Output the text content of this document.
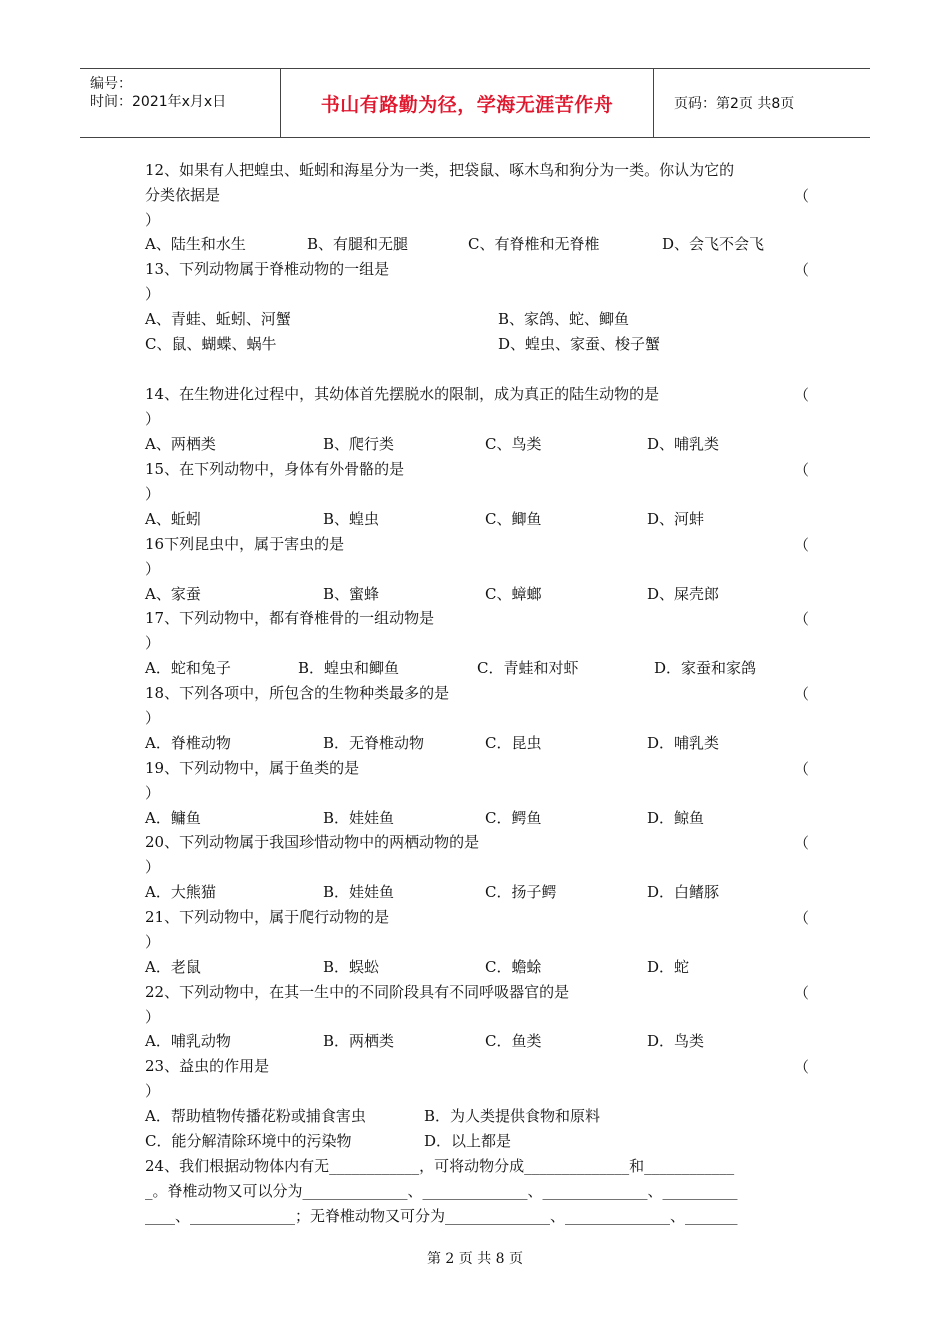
编号：
时间：2021年x月x日	书山有路勤为径，学海无涯苦作舟	页码：第2页 共8页
12、如果有人把蝗虫、蚯蚓和海星分为一类，把袋鼠、啄木鸟和狗分为一类。你认为它的
分类依据是	（
）
A、陆生和水生	B、有腿和无腿	C、有脊椎和无脊椎	D、会飞不会飞
13、下列动物属于脊椎动物的一组是	（
）
A、青蛙、蚯蚓、河蟹	B、家鸽、蛇、鲫鱼
C、鼠、蝴蝶、蜗牛	D、蝗虫、家蚕、梭子蟹
14、在生物进化过程中，其幼体首先摆脱水的限制，成为真正的陆生动物的是	（
）
A、两栖类	B、爬行类	C、鸟类	D、哺乳类
15、在下列动物中，身体有外骨骼的是	（
）
A、蚯蚓	B、蝗虫	C、鲫鱼	D、河蚌
16下列昆虫中，属于害虫的是	（
）
A、家蚕	B、蜜蜂	C、蟑螂	D、屎壳郎
17、下列动物中，都有脊椎骨的一组动物是	（
）
A．蛇和兔子	B．蝗虫和鲫鱼	C．青蛙和对虾	D．家蚕和家鸽
18、下列各项中，所包含的生物种类最多的是	（
）
A．脊椎动物	B．无脊椎动物	C．昆虫	D．哺乳类
19、下列动物中，属于鱼类的是	（
）
A．鳙鱼	B．娃娃鱼	C．鳄鱼	D．鲸鱼
20、下列动物属于我国珍惜动物中的两栖动物的是	（
）
A．大熊猫	B．娃娃鱼	C．扬子鳄	D．白鳍豚
21、下列动物中，属于爬行动物的是	（
）
A．老鼠	B．蜈蚣	C．蟾蜍	D．蛇
22、下列动物中，在其一生中的不同阶段具有不同呼吸器官的是	（
）
A．哺乳动物	B．两栖类	C．鱼类	D．鸟类
23、益虫的作用是	（
）
A．帮助植物传播花粉或捕食害虫	B．为人类提供食物和原料
C．能分解清除环境中的污染物	D．以上都是
24、我们根据动物体内有无____________，可将动物分成______________和____________
_。脊椎动物又可以分为______________、______________、______________、__________
____、______________；无脊椎动物又可分为______________、______________、_______
第 2 页 共 8 页
